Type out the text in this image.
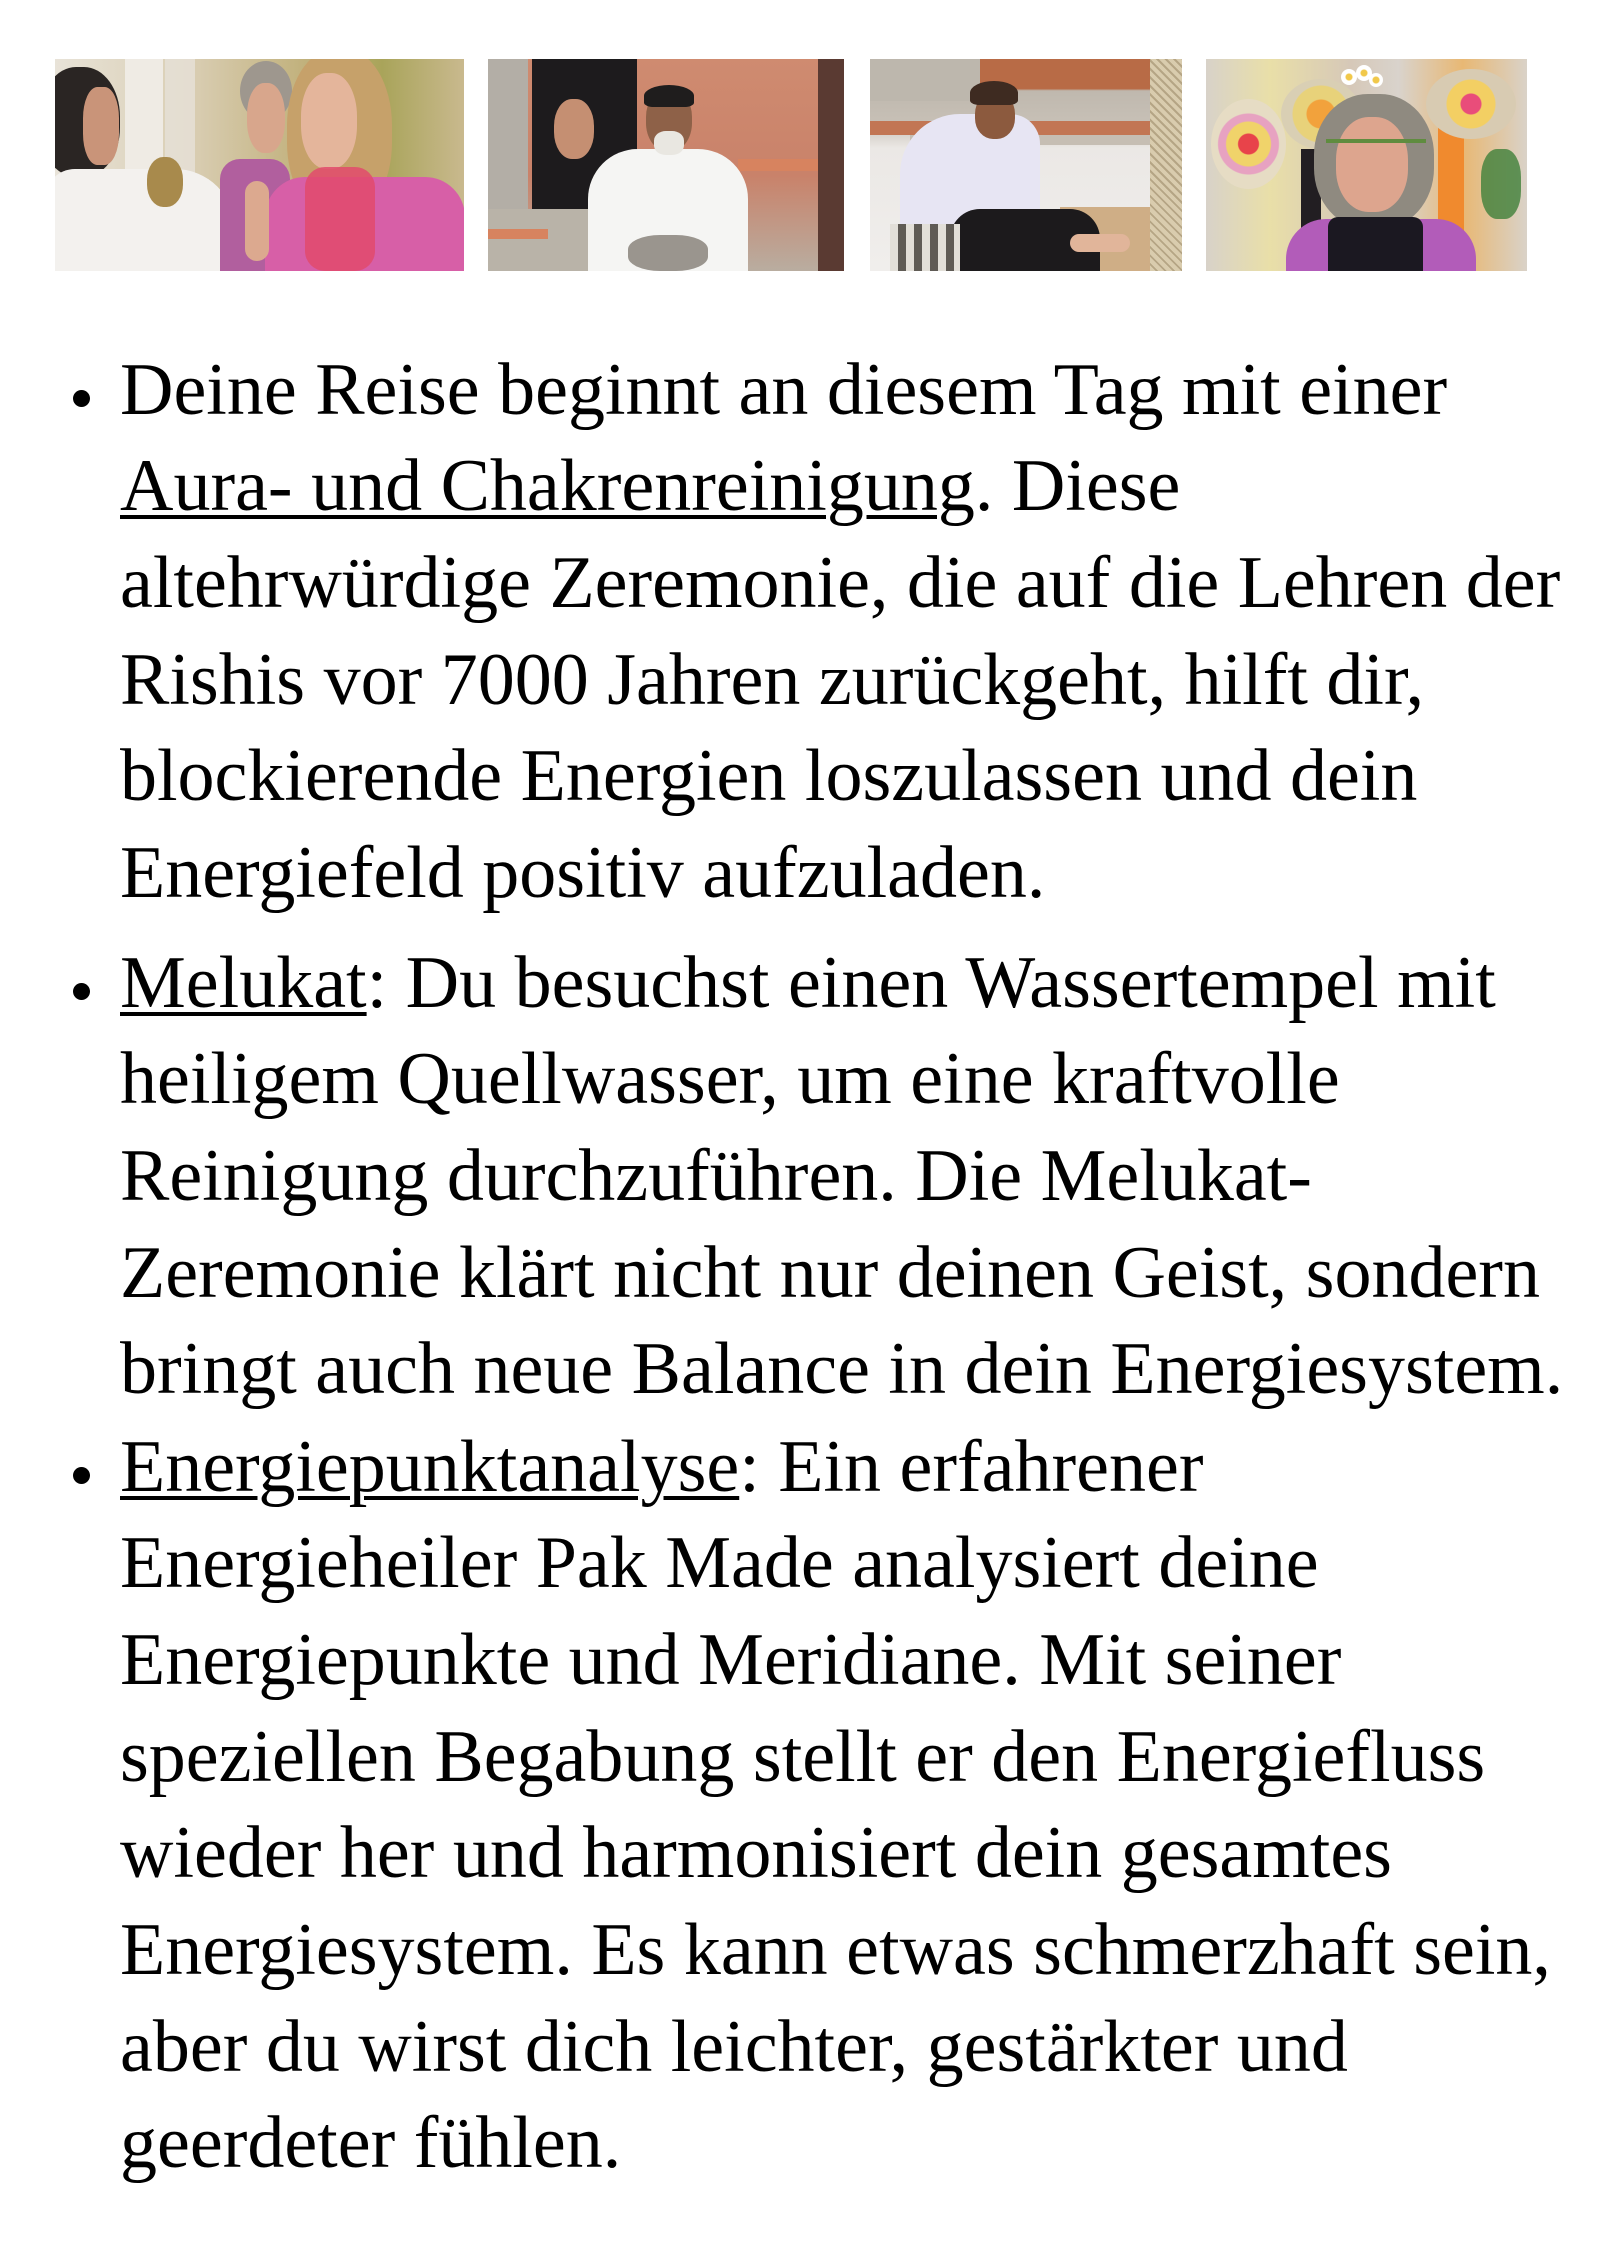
Deine Reise beginnt an diesem Tag mit einer
Aura- und Chakrenreinigung. Diese
altehrwürdige Zeremonie, die auf die Lehren der
Rishis vor 7000 Jahren zurückgeht, hilft dir,
blockierende Energien loszulassen und dein
Energiefeld positiv aufzuladen.
Melukat: Du besuchst einen Wassertempel mit
heiligem Quellwasser, um eine kraftvolle
Reinigung durchzuführen. Die Melukat-
Zeremonie klärt nicht nur deinen Geist, sondern
bringt auch neue Balance in dein Energiesystem.
Energiepunktanalyse: Ein erfahrener
Energieheiler Pak Made analysiert deine
Energiepunkte und Meridiane. Mit seiner
speziellen Begabung stellt er den Energiefluss
wieder her und harmonisiert dein gesamtes
Energiesystem. Es kann etwas schmerzhaft sein,
aber du wirst dich leichter, gestärkter und
geerdeter fühlen.
